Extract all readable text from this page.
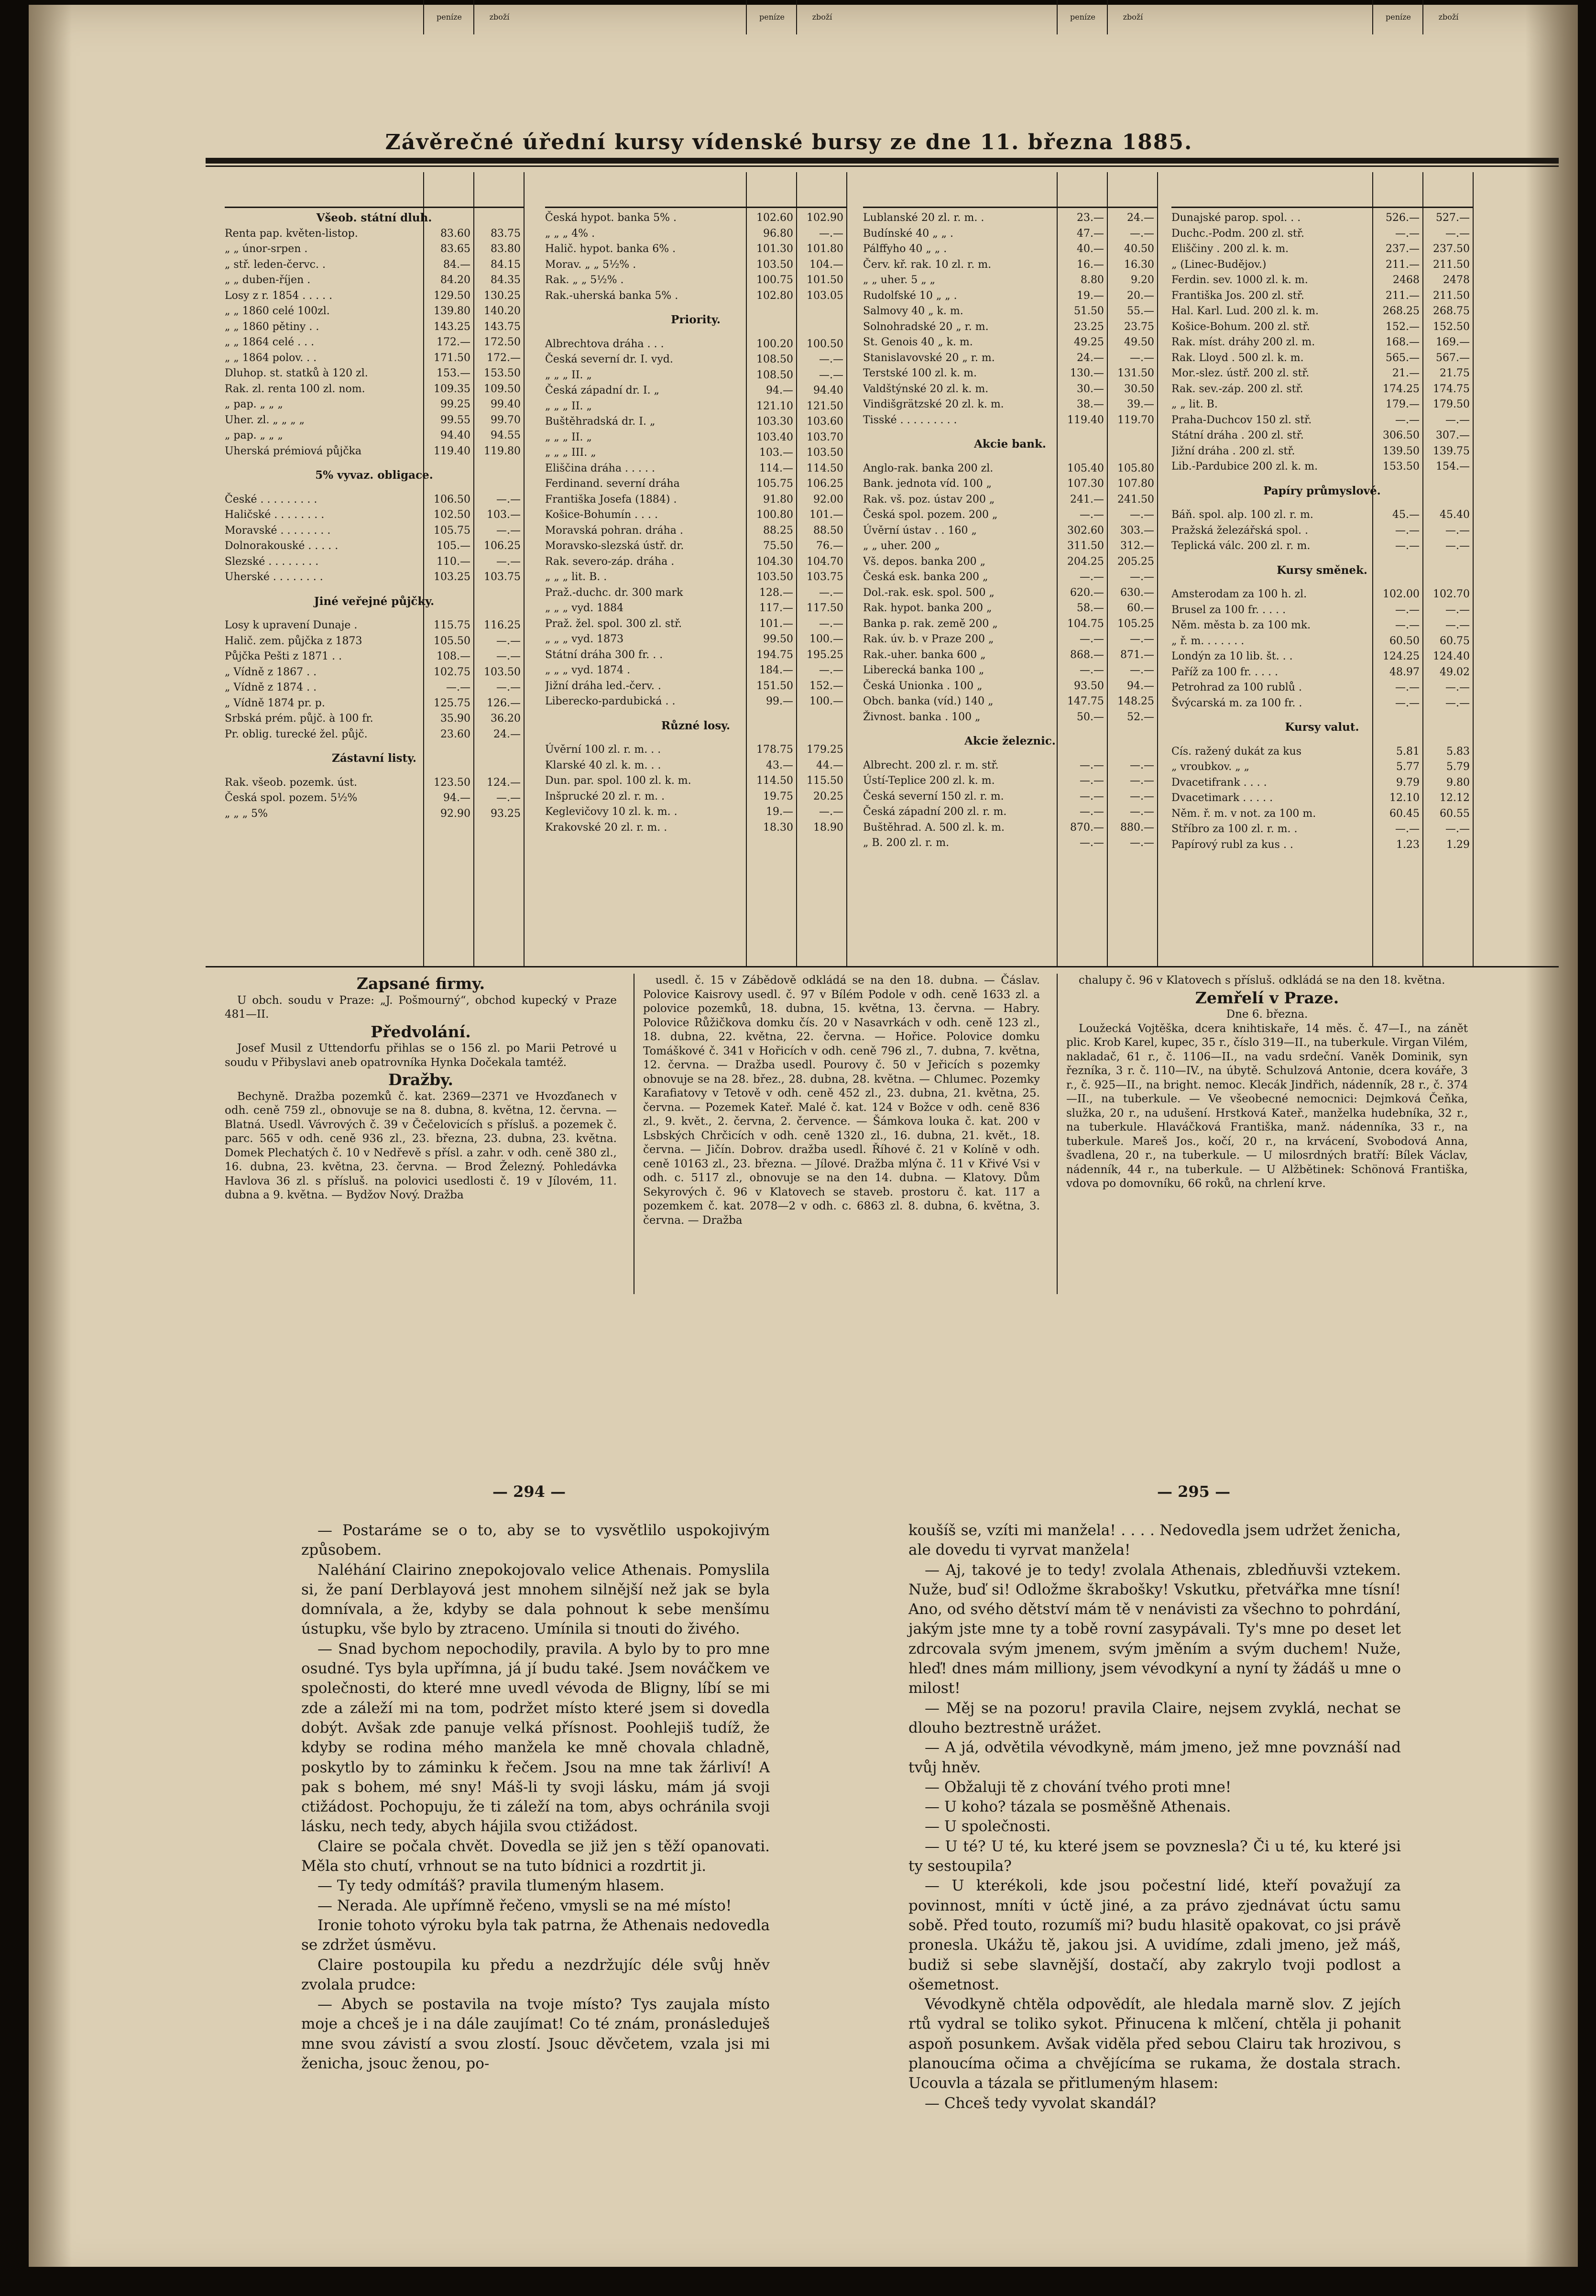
Závěrečné úřední kursy vídenské bursy ze dne 11. března 1885.
peníze	zboží	peníze	zboží	peníze	zboží	peníze	zboží
Všeob. státní dluh.
Renta pap. květen-listop.	83.60	83.75
„ „ únor-srpen .	83.65	83.80
„ stř. leden-červc. .	84.—	84.15
„ „ duben-říjen .	84.20	84.35
Losy z r. 1854 . . . . .	129.50	130.25
„ „ 1860 celé 100zl.	139.80	140.20
„ „ 1860 pětiny . .	143.25	143.75
„ „ 1864 celé . . .	172.—	172.50
„ „ 1864 polov. . .	171.50	172.—
Dluhop. st. statků à 120 zl.	153.—	153.50
Rak. zl. renta 100 zl. nom.	109.35	109.50
„ pap. „ „ „	99.25	99.40
Uher. zl. „ „ „ „	99.55	99.70
„ pap. „ „ „	94.40	94.55
Uherská prémiová půjčka	119.40	119.80
5% vyvaz. obligace.
České . . . . . . . . .	106.50	—.—
Haličské . . . . . . . .	102.50	103.—
Moravské . . . . . . . .	105.75	—.—
Dolnorakouské . . . . .	105.—	106.25
Slezské . . . . . . . .	110.—	—.—
Uherské . . . . . . . .	103.25	103.75
Jiné veřejné půjčky.
Losy k upravení Dunaje .	115.75	116.25
Halič. zem. půjčka z 1873	105.50	—.—
Půjčka Pešti z 1871 . .	108.—	—.—
„ Vídně z 1867 . .	102.75	103.50
„ Vídně z 1874 . .	—.—	—.—
„ Vídně 1874 pr. p.	125.75	126.—
Srbská prém. půjč. à 100 fr.	35.90	36.20
Pr. oblig. turecké žel. půjč.	23.60	24.—
Zástavní listy.
Rak. všeob. pozemk. úst.	123.50	124.—
Česká spol. pozem. 5½%	94.—	—.—
„ „ „ 5%	92.90	93.25
Česká hypot. banka 5% .	102.60	102.90
„ „ „ 4% .	96.80	—.—
Halič. hypot. banka 6% .	101.30	101.80
Morav. „ „ 5½% .	103.50	104.—
Rak. „ „ 5½% .	100.75	101.50
Rak.-uherská banka 5% .	102.80	103.05
Priority.
Albrechtova dráha . . .	100.20	100.50
Česká severní dr. I. vyd.	108.50	—.—
„ „ „ II. „	108.50	—.—
Česká západní dr. I. „	94.—	94.40
„ „ „ II. „	121.10	121.50
Buštěhradská dr. I. „	103.30	103.60
„ „ „ II. „	103.40	103.70
„ „ „ III. „	103.—	103.50
Eliščina dráha . . . . .	114.—	114.50
Ferdinand. severní dráha	105.75	106.25
Františka Josefa (1884) .	91.80	92.00
Košice-Bohumín . . . .	100.80	101.—
Moravská pohran. dráha .	88.25	88.50
Moravsko-slezská ústř. dr.	75.50	76.—
Rak. severo-záp. dráha .	104.30	104.70
„ „ „ lit. B. .	103.50	103.75
Praž.-duchc. dr. 300 mark	128.—	—.—
„ „ „ vyd. 1884	117.—	117.50
Praž. žel. spol. 300 zl. stř.	101.—	—.—
„ „ „ vyd. 1873	99.50	100.—
Státní dráha 300 fr. . .	194.75	195.25
„ „ „ vyd. 1874 .	184.—	—.—
Jižní dráha led.-červ. .	151.50	152.—
Liberecko-pardubická . .	99.—	100.—
Různé losy.
Úvěrní 100 zl. r. m. . .	178.75	179.25
Klarské 40 zl. k. m. . .	43.—	44.—
Dun. par. spol. 100 zl. k. m.	114.50	115.50
Inšprucké 20 zl. r. m. .	19.75	20.25
Keglevičovy 10 zl. k. m. .	19.—	—.—
Krakovské 20 zl. r. m. .	18.30	18.90
Lublanské 20 zl. r. m. .	23.—	24.—
Budínské 40 „ „ .	47.—	—.—
Pálffyho 40 „ „ .	40.—	40.50
Červ. kř. rak. 10 zl. r. m.	16.—	16.30
„ „ uher. 5 „ „	8.80	9.20
Rudolfské 10 „ „ .	19.—	20.—
Salmovy 40 „ k. m.	51.50	55.—
Solnohradské 20 „ r. m.	23.25	23.75
St. Genois 40 „ k. m.	49.25	49.50
Stanislavovské 20 „ r. m.	24.—	—.—
Terstské 100 zl. k. m.	130.—	131.50
Valdštýnské 20 zl. k. m.	30.—	30.50
Vindišgrätzské 20 zl. k. m.	38.—	39.—
Tisské . . . . . . . . .	119.40	119.70
Akcie bank.
Anglo-rak. banka 200 zl.	105.40	105.80
Bank. jednota víd. 100 „	107.30	107.80
Rak. vš. poz. ústav 200 „	241.—	241.50
Česká spol. pozem. 200 „	—.—	—.—
Úvěrní ústav . . 160 „	302.60	303.—
„ „ uher. 200 „	311.50	312.—
Vš. depos. banka 200 „	204.25	205.25
Česká esk. banka 200 „	—.—	—.—
Dol.-rak. esk. spol. 500 „	620.—	630.—
Rak. hypot. banka 200 „	58.—	60.—
Banka p. rak. země 200 „	104.75	105.25
Rak. úv. b. v Praze 200 „	—.—	—.—
Rak.-uher. banka 600 „	868.—	871.—
Liberecká banka 100 „	—.—	—.—
Česká Unionka . 100 „	93.50	94.—
Obch. banka (víd.) 140 „	147.75	148.25
Živnost. banka . 100 „	50.—	52.—
Akcie železnic.
Albrecht. 200 zl. r. m. stř.	—.—	—.—
Ústí-Teplice 200 zl. k. m.	—.—	—.—
Česká severní 150 zl. r. m.	—.—	—.—
Česká západní 200 zl. r. m.	—.—	—.—
Buštěhrad. A. 500 zl. k. m.	870.—	880.—
„ B. 200 zl. r. m.	—.—	—.—
Dunajské parop. spol. . .	526.—	527.—
Duchc.-Podm. 200 zl. stř.	—.—	—.—
Eliščiny . 200 zl. k. m.	237.—	237.50
„ (Linec-Budějov.)	211.—	211.50
Ferdin. sev. 1000 zl. k. m.	2468	2478
Františka Jos. 200 zl. stř.	211.—	211.50
Hal. Karl. Lud. 200 zl. k. m.	268.25	268.75
Košice-Bohum. 200 zl. stř.	152.—	152.50
Rak. míst. dráhy 200 zl. m.	168.—	169.—
Rak. Lloyd . 500 zl. k. m.	565.—	567.—
Mor.-slez. ústř. 200 zl. stř.	21.—	21.75
Rak. sev.-záp. 200 zl. stř.	174.25	174.75
„ „ lit. B.	179.—	179.50
Praha-Duchcov 150 zl. stř.	—.—	—.—
Státní dráha . 200 zl. stř.	306.50	307.—
Jižní dráha . 200 zl. stř.	139.50	139.75
Lib.-Pardubice 200 zl. k. m.	153.50	154.—
Papíry průmyslové.
Báň. spol. alp. 100 zl. r. m.	45.—	45.40
Pražská železářská spol. .	—.—	—.—
Teplická válc. 200 zl. r. m.	—.—	—.—
Kursy směnek.
Amsterodam za 100 h. zl.	102.00	102.70
Brusel za 100 fr. . . . .	—.—	—.—
Něm. města b. za 100 mk.	—.—	—.—
„ ř. m. . . . . . .	60.50	60.75
Londýn za 10 lib. št. . .	124.25	124.40
Paříž za 100 fr. . . . .	48.97	49.02
Petrohrad za 100 rublů .	—.—	—.—
Švýcarská m. za 100 fr. .	—.—	—.—
Kursy valut.
Cís. ražený dukát za kus	5.81	5.83
„ vroubkov. „ „	5.77	5.79
Dvacetifrank . . . .	9.79	9.80
Dvacetimark . . . . .	12.10	12.12
Něm. ř. m. v not. za 100 m.	60.45	60.55
Stříbro za 100 zl. r. m. .	—.—	—.—
Papírový rubl za kus . .	1.23	1.29
Zapsané firmy.

U obch. soudu v Praze: „J. Pošmourný“, obchod kupecký v Praze 481—II.

Předvolání.

Josef Musil z Uttendorfu přihlas se o 156 zl. po Marii Petrové u soudu v Přibyslavi aneb opatrovníka Hynka Dočekala tamtéž.

Dražby.

Bechyně. Dražba pozemků č. kat. 2369—2371 ve Hvozďanech v odh. ceně 759 zl., obnovuje se na 8. dubna, 8. května, 12. června. — Blatná. Usedl. Vávrových č. 39 v Čečelovicích s přísluš. a pozemek č. parc. 565 v odh. ceně 936 zl., 23. března, 23. dubna, 23. května. Domek Plechatých č. 10 v Nedřevě s přísl. a zahr. v odh. ceně 380 zl., 16. dubna, 23. května, 23. června. — Brod Železný. Pohledávka Havlova 36 zl. s přísluš. na polovici usedlosti č. 19 v Jílovém, 11. dubna a 9. května. — Bydžov Nový. Dražba

usedl. č. 15 v Zábědově odkládá se na den 18. dubna. — Čáslav. Polovice Kaisrovy usedl. č. 97 v Bílém Podole v odh. ceně 1633 zl. a polovice pozemků, 18. dubna, 15. května, 13. června. — Habry. Polovice Růžičkova domku čís. 20 v Nasavrkách v odh. ceně 123 zl., 18. dubna, 22. května, 22. června. — Hořice. Polovice domku Tomáškové č. 341 v Hořicích v odh. ceně 796 zl., 7. dubna, 7. května, 12. června. — Dražba usedl. Pourovy č. 50 v Jeřicích s pozemky obnovuje se na 28. břez., 28. dubna, 28. května. — Chlumec. Pozemky Karafiatovy v Tetově v odh. ceně 452 zl., 23. dubna, 21. května, 25. června. — Pozemek Kateř. Malé č. kat. 124 v Božce v odh. ceně 836 zl., 9. květ., 2. června, 2. července. — Šámkova louka č. kat. 200 v Lsbských Chrčicích v odh. ceně 1320 zl., 16. dubna, 21. květ., 18. června. — Jičín. Dobrov. dražba usedl. Říhové č. 21 v Kolíně v odh. ceně 10163 zl., 23. března. — Jílové. Dražba mlýna č. 11 v Křivé Vsi v odh. c. 5117 zl., obnovuje se na den 14. dubna. — Klatovy. Dům Sekyrových č. 96 v Klatovech se staveb. prostoru č. kat. 117 a pozemkem č. kat. 2078—2 v odh. c. 6863 zl. 8. dubna, 6. května, 3. června. — Dražba

chalupy č. 96 v Klatovech s přísluš. odkládá se na den 18. května.

Zemřelí v Praze.

Dne 6. března.

Loužecká Vojtěška, dcera knihtiskaře, 14 měs. č. 47—I., na zánět plic. Krob Karel, kupec, 35 r., číslo 319—II., na tuberkule. Virgan Vilém, nakladač, 61 r., č. 1106—II., na vadu srdeční. Vaněk Dominik, syn řezníka, 3 r. č. 110—IV., na úbytě. Schulzová Antonie, dcera kováře, 3 r., č. 925—II., na bright. nemoc. Klecák Jindřich, nádenník, 28 r., č. 374—II., na tuberkule. — Ve všeobecné nemocnici: Dejmková Čeňka, služka, 20 r., na udušení. Hrstková Kateř., manželka hudebníka, 32 r., na tuberkule. Hlaváčková Františka, manž. nádenníka, 33 r., na tuberkule. Mareš Jos., kočí, 20 r., na krvácení, Svobodová Anna, švadlena, 20 r., na tuberkule. — U milosrdných bratří: Bílek Václav, nádenník, 44 r., na tuberkule. — U Alžbětinek: Schönová Františka, vdova po domovníku, 66 roků, na chrlení krve.

— 294 —	— 295 —

— Postaráme se o to, aby se to vysvětlilo uspokojivým způsobem.

Naléhání Clairino znepokojovalo velice Athenais. Pomyslila si, že paní Derblayová jest mnohem silnější než jak se byla domnívala, a že, kdyby se dala pohnout k sebe menšímu ústupku, vše bylo by ztraceno. Umínila si tnouti do živého.

— Snad bychom nepochodily, pravila. A bylo by to pro mne osudné. Tys byla upřímna, já jí budu také. Jsem nováčkem ve společnosti, do které mne uvedl vévoda de Bligny, líbí se mi zde a záleží mi na tom, podržet místo které jsem si dovedla dobýt. Avšak zde panuje velká přísnost. Poohlejiš tudíž, že kdyby se rodina mého manžela ke mně chovala chladně, poskytlo by to záminku k řečem. Jsou na mne tak žárliví! A pak s bohem, mé sny! Máš-li ty svoji lásku, mám já svoji ctižádost. Pochopuju, že ti záleží na tom, abys ochránila svoji lásku, nech tedy, abych hájila svou ctižádost.

Claire se počala chvět. Dovedla se již jen s těží opanovati. Měla sto chutí, vrhnout se na tuto bídnici a rozdrtit ji.

— Ty tedy odmítáš? pravila tlumeným hlasem.

— Nerada. Ale upřímně řečeno, vmysli se na mé místo!

Ironie tohoto výroku byla tak patrna, že Athenais nedovedla se zdržet úsměvu.

Claire postoupila ku předu a nezdržujíc déle svůj hněv zvolala prudce:

— Abych se postavila na tvoje místo? Tys zaujala místo moje a chceš je i na dále zaujímat! Co té znám, pronásleduješ mne svou závistí a svou zlostí. Jsouc děvčetem, vzala jsi mi ženicha, jsouc ženou, po-

koušíš se, vzíti mi manžela! . . . . Nedovedla jsem udržet ženicha, ale dovedu ti vyrvat manžela!

— Aj, takové je to tedy! zvolala Athenais, zbledňuvši vztekem. Nuže, buď si! Odložme škrabošky! Vskutku, přetvářka mne tísní! Ano, od svého dětství mám tě v nenávisti za všechno to pohrdání, jakým jste mne ty a tobě rovní zasypávali. Ty's mne po deset let zdrcovala svým jmenem, svým jměním a svým duchem! Nuže, hleď! dnes mám milliony, jsem vévodkyní a nyní ty žádáš u mne o milost!

— Měj se na pozoru! pravila Claire, nejsem zvyklá, nechat se dlouho beztrestně urážet.

— A já, odvětila vévodkyně, mám jmeno, jež mne povznáší nad tvůj hněv.

— Obžaluji tě z chování tvého proti mne!

— U koho? tázala se posměšně Athenais.

— U společnosti.

— U té? U té, ku které jsem se povznesla? Či u té, ku které jsi ty sestoupila?

— U kterékoli, kde jsou počestní lidé, kteří považují za povinnost, mníti v úctě jiné, a za právo zjednávat úctu samu sobě. Před touto, rozumíš mi? budu hlasitě opakovat, co jsi právě pronesla. Ukážu tě, jakou jsi. A uvidíme, zdali jmeno, jež máš, budiž si sebe slavnější, dostačí, aby zakrylo tvoji podlost a ošemetnost.

Vévodkyně chtěla odpovědít, ale hledala marně slov. Z jejích rtů vydral se toliko sykot. Přinucena k mlčení, chtěla ji pohanit aspoň posunkem. Avšak viděla před sebou Clairu tak hrozivou, s planoucíma očima a chvějícíma se rukama, že dostala strach. Ucouvla a tázala se přitlumeným hlasem:

— Chceš tedy vyvolat skandál?
